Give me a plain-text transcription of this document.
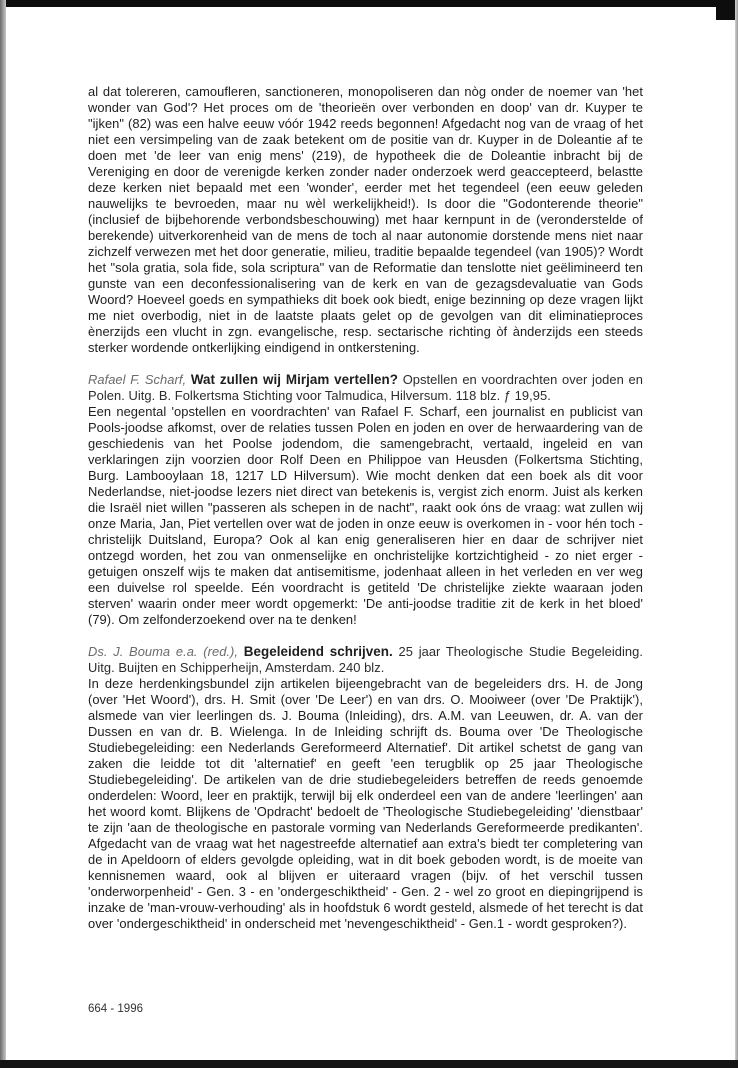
al dat tolereren, camoufleren, sanctioneren, monopoliseren dan nòg onder de noemer van 'het wonder van God'? Het proces om de 'theorieën over verbonden en doop' van dr. Kuyper te "ijken" (82) was een halve eeuw vóór 1942 reeds begonnen! Afgedacht nog van de vraag of het niet een versimpeling van de zaak betekent om de positie van dr. Kuyper in de Doleantie af te doen met 'de leer van enig mens' (219), de hypotheek die de Doleantie inbracht bij de Vereniging en door de verenigde kerken zonder nader onderzoek werd geaccepteerd, belastte deze kerken niet bepaald met een 'wonder', eerder met het tegendeel (een eeuw geleden nauwelijks te bevroeden, maar nu wèl werkelijkheid!). Is door die "Godonterende theorie" (inclusief de bijbehorende verbondsbeschouwing) met haar kernpunt in de (veronderstelde of berekende) uitverkorenheid van de mens de toch al naar autonomie dorstende mens niet naar zichzelf verwezen met het door generatie, milieu, traditie bepaalde tegendeel (van 1905)? Wordt het "sola gratia, sola fide, sola scriptura" van de Reformatie dan tenslotte niet geëlimineerd ten gunste van een deconfessionalisering van de kerk en van de gezagsdevaluatie van Gods Woord? Hoeveel goeds en sympathieks dit boek ook biedt, enige bezinning op deze vragen lijkt me niet overbodig, niet in de laatste plaats gelet op de gevolgen van dit eliminatieproces ènerzijds een vlucht in zgn. evangelische, resp. sectarische richting òf ànderzijds een steeds sterker wordende ontkerlijking eindigend in ontkerstening.

Rafael F. Scharf, Wat zullen wij Mirjam vertellen? Opstellen en voordrachten over joden en Polen. Uitg. B. Folkertsma Stichting voor Talmudica, Hilversum. 118 blz. ƒ 19,95.

Een negental 'opstellen en voordrachten' van Rafael F. Scharf, een journalist en publicist van Pools-joodse afkomst, over de relaties tussen Polen en joden en over de herwaardering van de geschiedenis van het Poolse jodendom, die samengebracht, vertaald, ingeleid en van verklaringen zijn voorzien door Rolf Deen en Philippoe van Heusden (Folkertsma Stichting, Burg. Lambooylaan 18, 1217 LD Hilversum). Wie mocht denken dat een boek als dit voor Nederlandse, niet-joodse lezers niet direct van betekenis is, vergist zich enorm. Juist als kerken die Israël niet willen "passeren als schepen in de nacht", raakt ook óns de vraag: wat zullen wij onze Maria, Jan, Piet vertellen over wat de joden in onze eeuw is overkomen in - voor hén toch - christelijk Duitsland, Europa? Ook al kan enig generaliseren hier en daar de schrijver niet ontzegd worden, het zou van onmenselijke en onchristelijke kortzichtigheid - zo niet erger - getuigen onszelf wijs te maken dat antisemitisme, jodenhaat alleen in het verleden en ver weg een duivelse rol speelde. Eén voordracht is getiteld 'De christelijke ziekte waaraan joden sterven' waarin onder meer wordt opgemerkt: 'De anti-joodse traditie zit de kerk in het bloed' (79). Om zelfonderzoekend over na te denken!

Ds. J. Bouma e.a. (red.), Begeleidend schrijven. 25 jaar Theologische Studie Begeleiding. Uitg. Buijten en Schipperheijn, Amsterdam. 240 blz.

In deze herdenkingsbundel zijn artikelen bijeengebracht van de begeleiders drs. H. de Jong (over 'Het Woord'), drs. H. Smit (over 'De Leer') en van drs. O. Mooiweer (over 'De Praktijk'), alsmede van vier leerlingen ds. J. Bouma (Inleiding), drs. A.M. van Leeuwen, dr. A. van der Dussen en van dr. B. Wielenga. In de Inleiding schrijft ds. Bouma over 'De Theologische Studiebegeleiding: een Nederlands Gereformeerd Alternatief'. Dit artikel schetst de gang van zaken die leidde tot dit 'alternatief' en geeft 'een terugblik op 25 jaar Theologische Studiebegeleiding'. De artikelen van de drie studiebegeleiders betreffen de reeds genoemde onderdelen: Woord, leer en praktijk, terwijl bij elk onderdeel een van de andere 'leerlingen' aan het woord komt. Blijkens de 'Opdracht' bedoelt de 'Theologische Studiebegeleiding' 'dienstbaar' te zijn 'aan de theologische en pastorale vorming van Nederlands Gereformeerde predikanten'. Afgedacht van de vraag wat het nagestreefde alternatief aan extra's biedt ter completering van de in Apeldoorn of elders gevolgde opleiding, wat in dit boek geboden wordt, is de moeite van kennisnemen waard, ook al blijven er uiteraard vragen (bijv. of het verschil tussen 'onderworpenheid' - Gen. 3 - en 'ondergeschiktheid' - Gen. 2 - wel zo groot en diepingrijpend is inzake de 'man-vrouw-verhouding' als in hoofdstuk 6 wordt gesteld, alsmede of het terecht is dat over 'ondergeschiktheid' in onderscheid met 'nevengeschiktheid' - Gen.1 - wordt gesproken?).

664 - 1996
